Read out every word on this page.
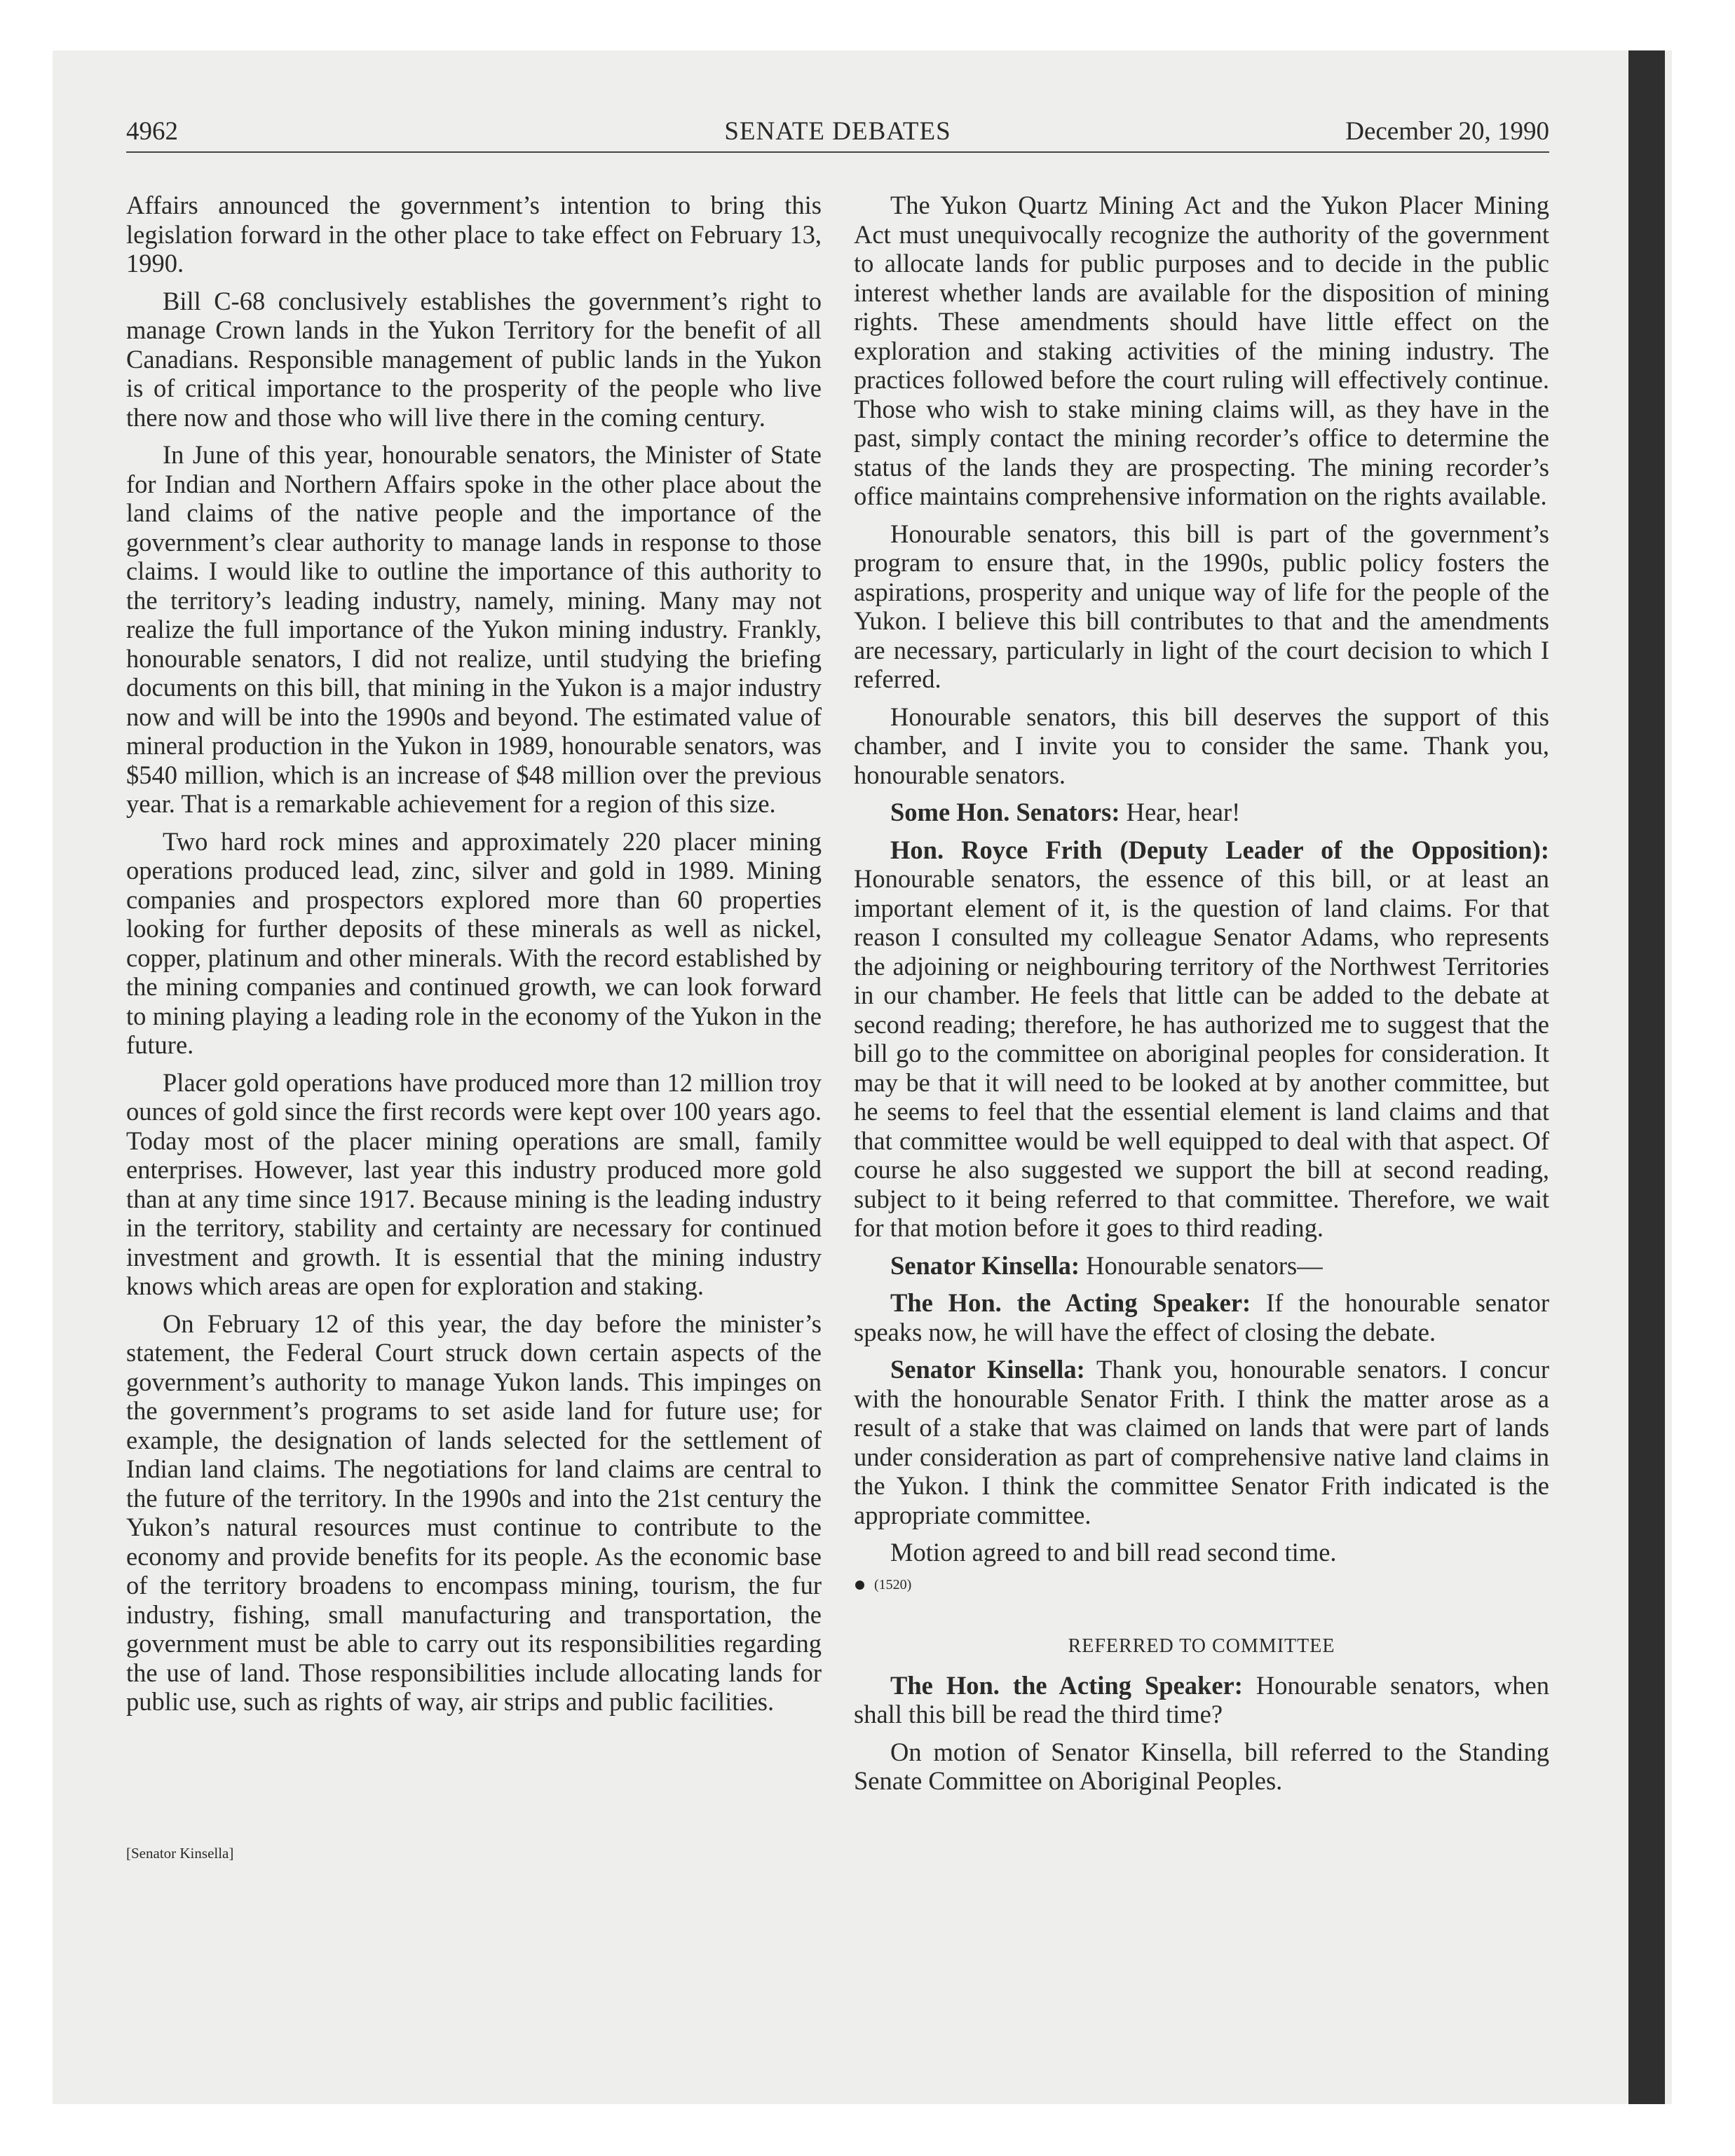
4962	SENATE DEBATES	December 20, 1990

Affairs announced the government’s intention to bring this legislation forward in the other place to take effect on February 13, 1990.

Bill C-68 conclusively establishes the government’s right to manage Crown lands in the Yukon Territory for the benefit of all Canadians. Responsible management of public lands in the Yukon is of critical importance to the prosperity of the people who live there now and those who will live there in the coming century.

In June of this year, honourable senators, the Minister of State for Indian and Northern Affairs spoke in the other place about the land claims of the native people and the importance of the government’s clear authority to manage lands in response to those claims. I would like to outline the importance of this authority to the territory’s leading industry, namely, mining. Many may not realize the full importance of the Yukon mining industry. Frankly, honourable senators, I did not realize, until studying the briefing documents on this bill, that mining in the Yukon is a major industry now and will be into the 1990s and beyond. The estimated value of mineral production in the Yukon in 1989, honourable senators, was $540 million, which is an increase of $48 million over the previous year. That is a remarkable achievement for a region of this size.

Two hard rock mines and approximately 220 placer mining operations produced lead, zinc, silver and gold in 1989. Mining companies and prospectors explored more than 60 properties looking for further deposits of these minerals as well as nickel, copper, platinum and other minerals. With the record established by the mining companies and continued growth, we can look forward to mining playing a leading role in the economy of the Yukon in the future.

Placer gold operations have produced more than 12 million troy ounces of gold since the first records were kept over 100 years ago. Today most of the placer mining operations are small, family enterprises. However, last year this industry produced more gold than at any time since 1917. Because mining is the leading industry in the territory, stability and certainty are necessary for continued investment and growth. It is essential that the mining industry knows which areas are open for exploration and staking.

On February 12 of this year, the day before the minister’s statement, the Federal Court struck down certain aspects of the government’s authority to manage Yukon lands. This impinges on the government’s programs to set aside land for future use; for example, the designation of lands selected for the settlement of Indian land claims. The negotiations for land claims are central to the future of the territory. In the 1990s and into the 21st century the Yukon’s natural resources must continue to contribute to the economy and provide benefits for its people. As the economic base of the territory broadens to encompass mining, tourism, the fur industry, fishing, small manufacturing and transportation, the government must be able to carry out its responsibilities regarding the use of land. Those responsibilities include allocating lands for public use, such as rights of way, air strips and public facilities.

[Senator Kinsella]

The Yukon Quartz Mining Act and the Yukon Placer Mining Act must unequivocally recognize the authority of the government to allocate lands for public purposes and to decide in the public interest whether lands are available for the disposition of mining rights. These amendments should have little effect on the exploration and staking activities of the mining industry. The practices followed before the court ruling will effectively continue. Those who wish to stake mining claims will, as they have in the past, simply contact the mining recorder’s office to determine the status of the lands they are prospecting. The mining recorder’s office maintains comprehensive information on the rights available.

Honourable senators, this bill is part of the government’s program to ensure that, in the 1990s, public policy fosters the aspirations, prosperity and unique way of life for the people of the Yukon. I believe this bill contributes to that and the amendments are necessary, particularly in light of the court decision to which I referred.

Honourable senators, this bill deserves the support of this chamber, and I invite you to consider the same. Thank you, honourable senators.

Some Hon. Senators: Hear, hear!

Hon. Royce Frith (Deputy Leader of the Opposition): Honourable senators, the essence of this bill, or at least an important element of it, is the question of land claims. For that reason I consulted my colleague Senator Adams, who represents the adjoining or neighbouring territory of the Northwest Territories in our chamber. He feels that little can be added to the debate at second reading; therefore, he has authorized me to suggest that the bill go to the committee on aboriginal peoples for consideration. It may be that it will need to be looked at by another committee, but he seems to feel that the essential element is land claims and that that committee would be well equipped to deal with that aspect. Of course he also suggested we support the bill at second reading, subject to it being referred to that committee. Therefore, we wait for that motion before it goes to third reading.

Senator Kinsella: Honourable senators—

The Hon. the Acting Speaker: If the honourable senator speaks now, he will have the effect of closing the debate.

Senator Kinsella: Thank you, honourable senators. I concur with the honourable Senator Frith. I think the matter arose as a result of a stake that was claimed on lands that were part of lands under consideration as part of comprehensive native land claims in the Yukon. I think the committee Senator Frith indicated is the appropriate committee.

Motion agreed to and bill read second time.

(1520)
REFERRED TO COMMITTEE

The Hon. the Acting Speaker: Honourable senators, when shall this bill be read the third time?

On motion of Senator Kinsella, bill referred to the Standing Senate Committee on Aboriginal Peoples.
